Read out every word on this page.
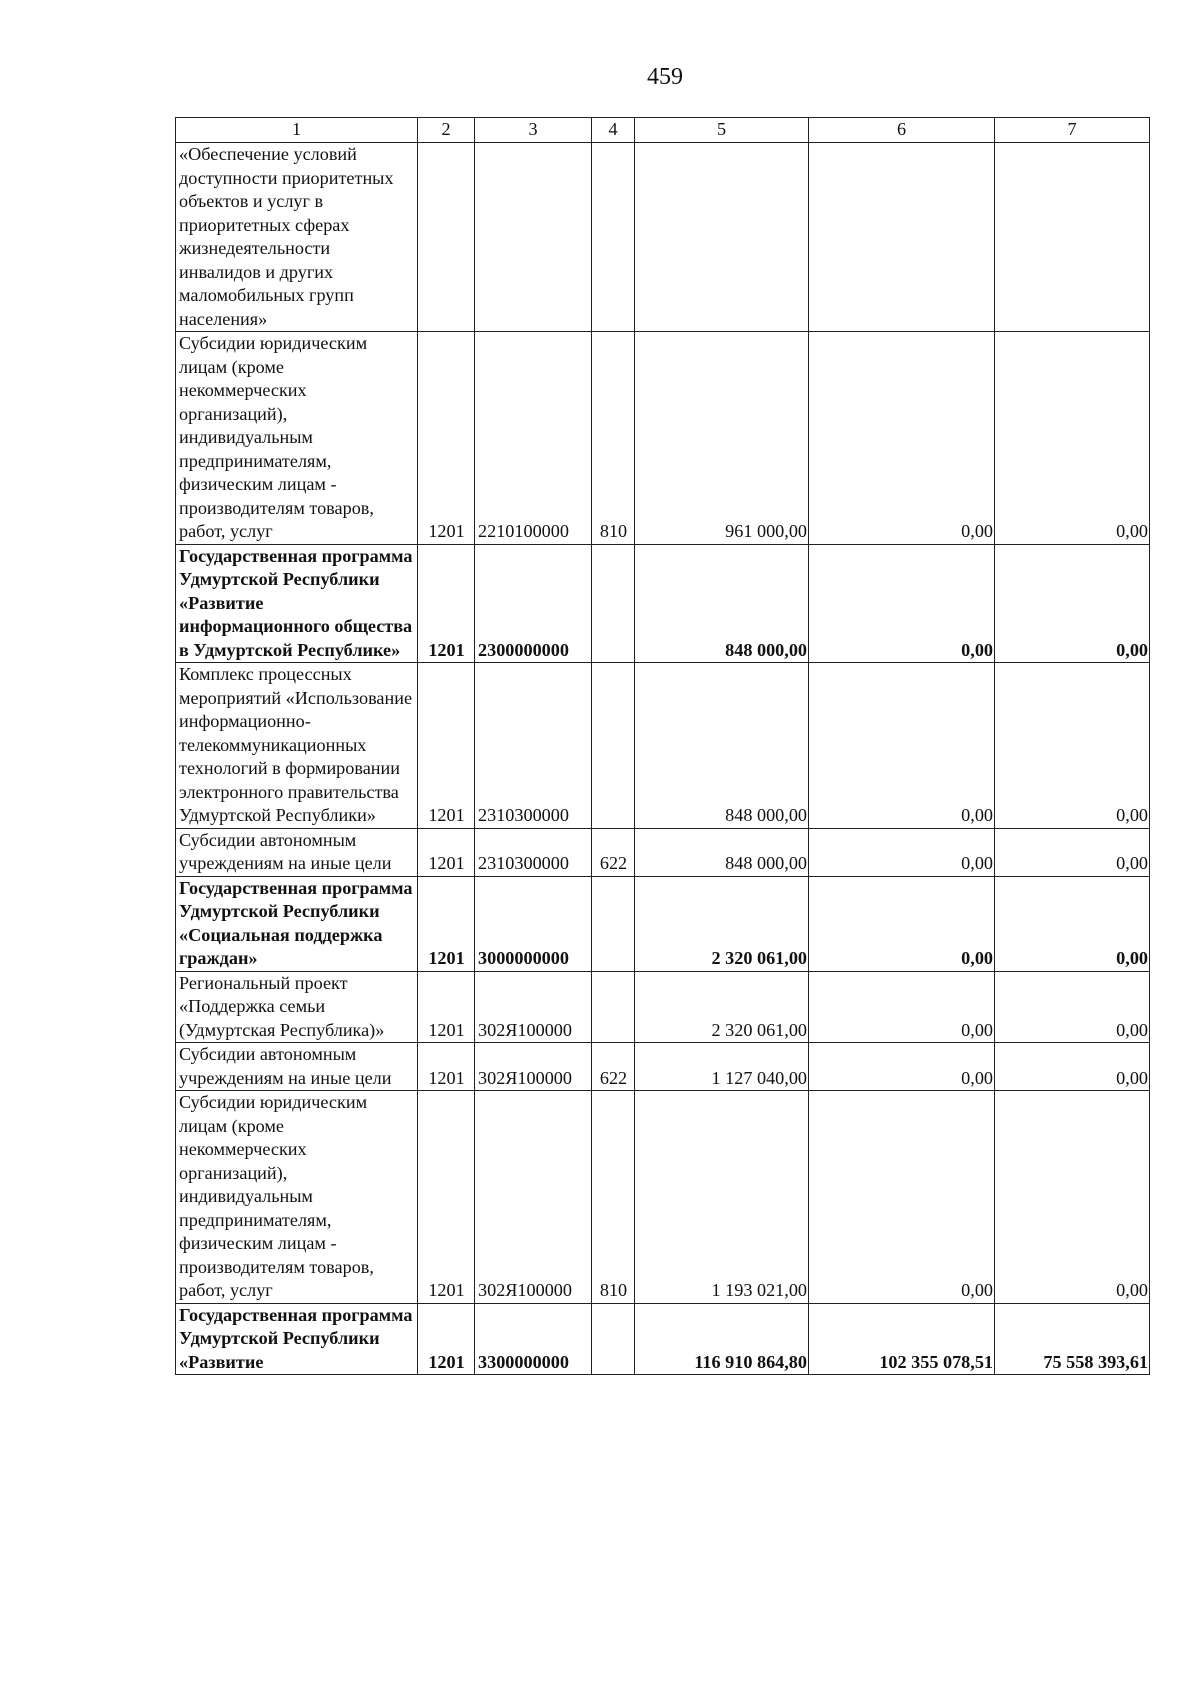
459
1	2	3	4	5	6	7
«Обеспечение условий доступности приоритетных объектов и услуг в приоритетных сферах жизнедеятельности инвалидов и других маломобильных групп населения»						
Субсидии юридическим лицам (кроме некоммерческих организаций), индивидуальным предпринимателям, физическим лицам - производителям товаров, работ, услуг	1201	2210100000	810	961 000,00	0,00	0,00
Государственная программа Удмуртской Республики «Развитие информационного общества в Удмуртской Республике»	1201	2300000000		848 000,00	0,00	0,00
Комплекс процессных мероприятий «Использование информационно-телекоммуникационных технологий в формировании электронного правительства Удмуртской Республики»	1201	2310300000		848 000,00	0,00	0,00
Субсидии автономным учреждениям на иные цели	1201	2310300000	622	848 000,00	0,00	0,00
Государственная программа Удмуртской Республики «Социальная поддержка граждан»	1201	3000000000		2 320 061,00	0,00	0,00
Региональный проект «Поддержка семьи (Удмуртская Республика)»	1201	302Я100000		2 320 061,00	0,00	0,00
Субсидии автономным учреждениям на иные цели	1201	302Я100000	622	1 127 040,00	0,00	0,00
Субсидии юридическим лицам (кроме некоммерческих организаций), индивидуальным предпринимателям, физическим лицам - производителям товаров, работ, услуг	1201	302Я100000	810	1 193 021,00	0,00	0,00
Государственная программа Удмуртской Республики «Развитие	1201	3300000000		116 910 864,80	102 355 078,51	75 558 393,61
